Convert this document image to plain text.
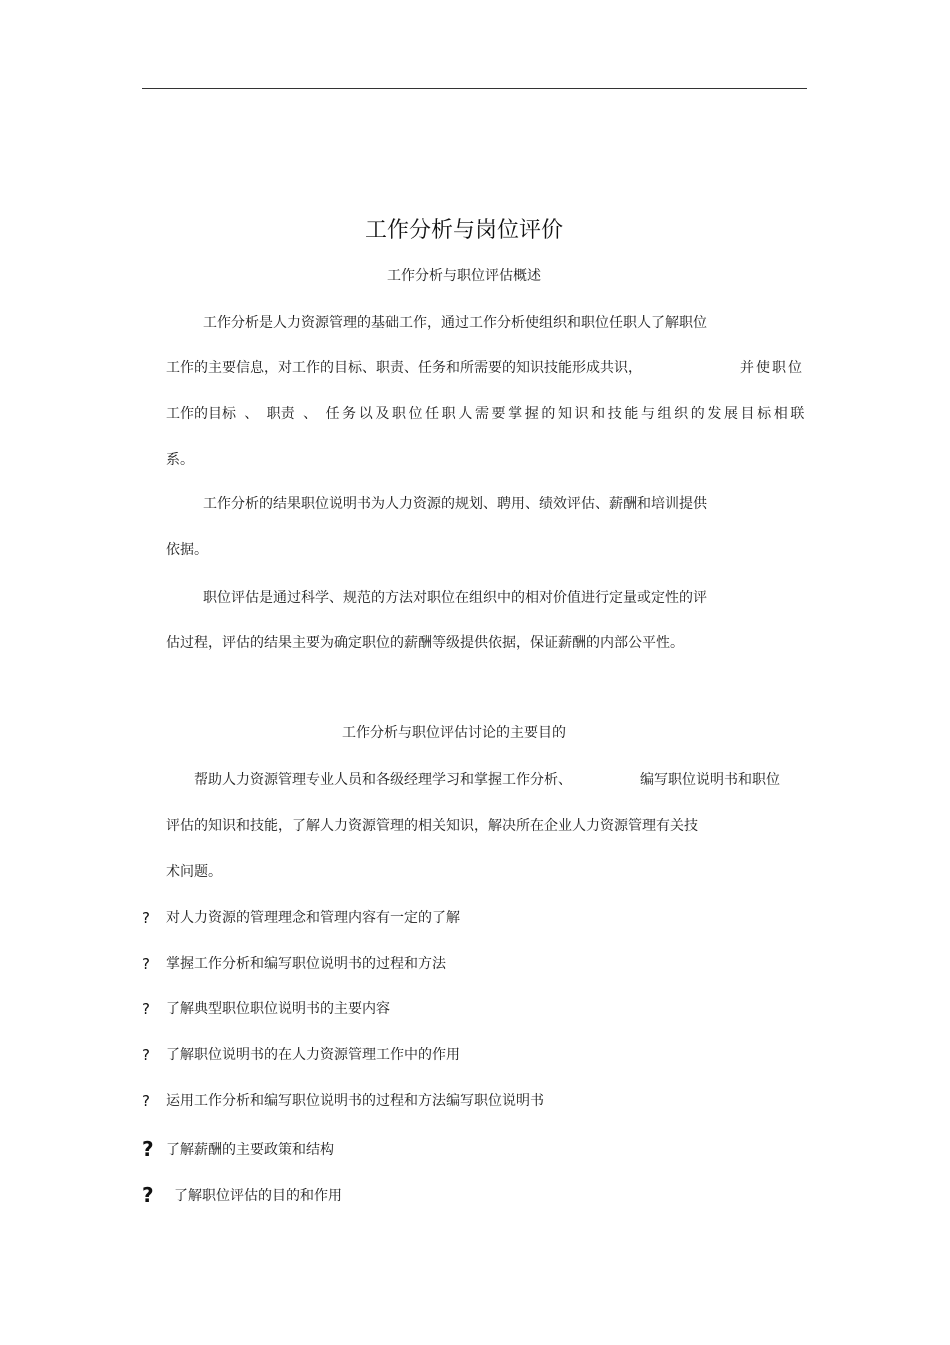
工作分析与岗位评价
工作分析与职位评估概述
工作分析是人力资源管理的基础工作，通过工作分析使组织和职位任职人了解职位
工作的主要信息，对工作的目标、职责、任务和所需要的知识技能形成共识，	并使职位
工作的目标 、 职责 、 任务以及职位任职人需要掌握的知识和技能与组织的发展目标相联
系。
工作分析的结果职位说明书为人力资源的规划、聘用、绩效评估、薪酬和培训提供
依据。
职位评估是通过科学、规范的方法对职位在组织中的相对价值进行定量或定性的评
估过程，评估的结果主要为确定职位的薪酬等级提供依据，保证薪酬的内部公平性。
工作分析与职位评估讨论的主要目的
帮助人力资源管理专业人员和各级经理学习和掌握工作分析、	编写职位说明书和职位
评估的知识和技能，了解人力资源管理的相关知识，解决所在企业人力资源管理有关技
术问题。
? 对人力资源的管理理念和管理内容有一定的了解
? 掌握工作分析和编写职位说明书的过程和方法
? 了解典型职位职位说明书的主要内容
? 了解职位说明书的在人力资源管理工作中的作用
? 运用工作分析和编写职位说明书的过程和方法编写职位说明书
? 了解薪酬的主要政策和结构
? 了解职位评估的目的和作用
